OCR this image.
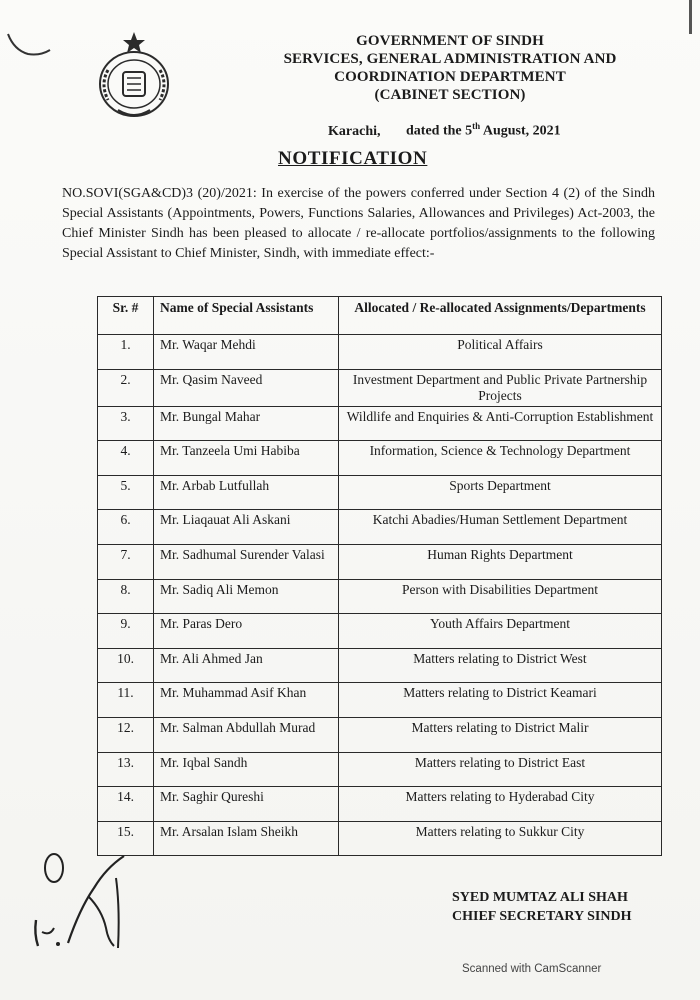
GOVERNMENT OF SINDH
SERVICES, GENERAL ADMINISTRATION AND
COORDINATION DEPARTMENT
(CABINET SECTION)
Karachi, dated the 5th August, 2021
NOTIFICATION
NO.SOVI(SGA&CD)3 (20)/2021: In exercise of the powers conferred under Section 4 (2) of the Sindh Special Assistants (Appointments, Powers, Functions Salaries, Allowances and Privileges) Act-2003, the Chief Minister Sindh has been pleased to allocate / re-allocate portfolios/assignments to the following Special Assistant to Chief Minister, Sindh, with immediate effect:-
Sr. #	Name of Special Assistants	Allocated / Re-allocated Assignments/Departments
1.	Mr. Waqar Mehdi	Political Affairs
2.	Mr. Qasim Naveed	Investment Department and Public Private Partnership Projects
3.	Mr. Bungal Mahar	Wildlife and Enquiries & Anti-Corruption Establishment
4.	Mr. Tanzeela Umi Habiba	Information, Science & Technology Department
5.	Mr. Arbab Lutfullah	Sports Department
6.	Mr. Liaqauat Ali Askani	Katchi Abadies/Human Settlement Department
7.	Mr. Sadhumal Surender Valasi	Human Rights Department
8.	Mr. Sadiq Ali Memon	Person with Disabilities Department
9.	Mr. Paras Dero	Youth Affairs Department
10.	Mr. Ali Ahmed Jan	Matters relating to District West
11.	Mr. Muhammad Asif Khan	Matters relating to District Keamari
12.	Mr. Salman Abdullah Murad	Matters relating to District Malir
13.	Mr. Iqbal Sandh	Matters relating to District East
14.	Mr. Saghir Qureshi	Matters relating to Hyderabad City
15.	Mr. Arsalan Islam Sheikh	Matters relating to Sukkur City
SYED MUMTAZ ALI SHAH
CHIEF SECRETARY SINDH
Scanned with CamScanner
